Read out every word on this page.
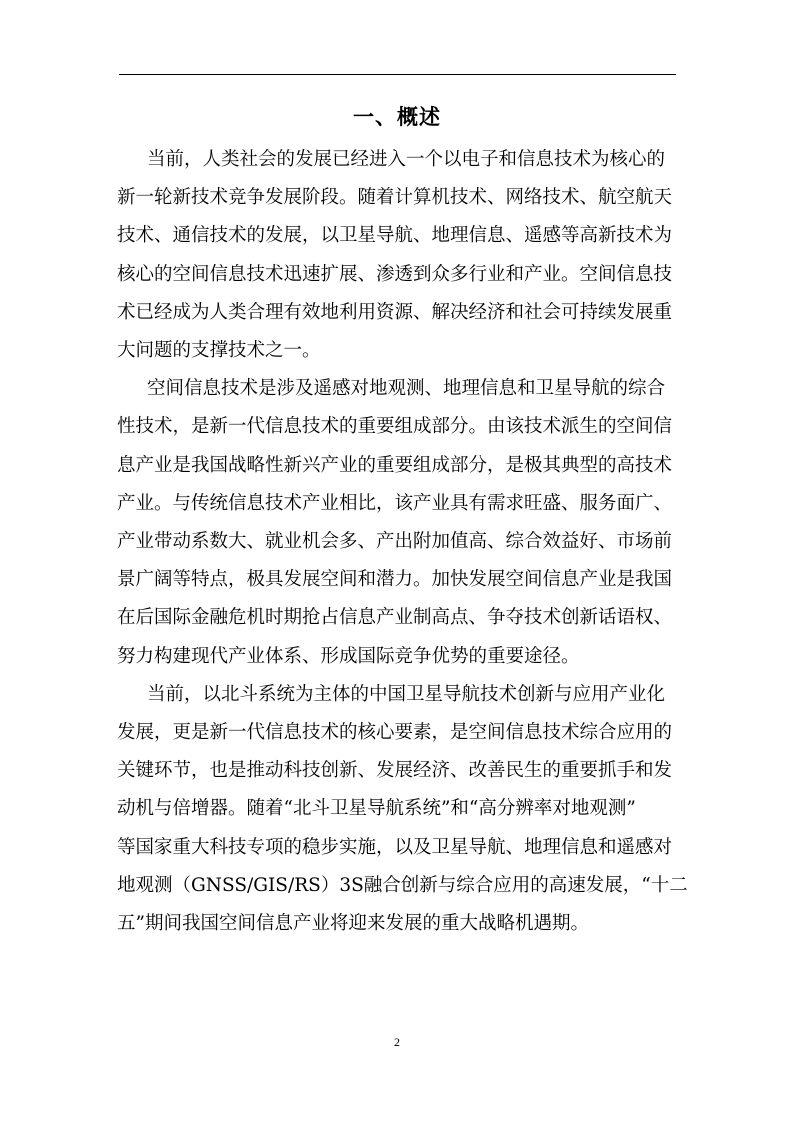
一、概述

当前，人类社会的发展已经进入一个以电子和信息技术为核心的

新一轮新技术竞争发展阶段。随着计算机技术、网络技术、航空航天

技术、通信技术的发展，以卫星导航、地理信息、遥感等高新技术为

核心的空间信息技术迅速扩展、渗透到众多行业和产业。空间信息技

术已经成为人类合理有效地利用资源、解决经济和社会可持续发展重

大问题的支撑技术之一。

空间信息技术是涉及遥感对地观测、地理信息和卫星导航的综合

性技术，是新一代信息技术的重要组成部分。由该技术派生的空间信

息产业是我国战略性新兴产业的重要组成部分，是极其典型的高技术

产业。与传统信息技术产业相比，该产业具有需求旺盛、服务面广、

产业带动系数大、就业机会多、产出附加值高、综合效益好、市场前

景广阔等特点，极具发展空间和潜力。加快发展空间信息产业是我国

在后国际金融危机时期抢占信息产业制高点、争夺技术创新话语权、

努力构建现代产业体系、形成国际竞争优势的重要途径。

当前，以北斗系统为主体的中国卫星导航技术创新与应用产业化

发展，更是新一代信息技术的核心要素，是空间信息技术综合应用的

关键环节，也是推动科技创新、发展经济、改善民生的重要抓手和发

动机与倍增器。随着“北斗卫星导航系统”和“高分辨率对地观测”

等国家重大科技专项的稳步实施，以及卫星导航、地理信息和遥感对

地观测（GNSS/GIS/RS）3S融合创新与综合应用的高速发展，“十二

五”期间我国空间信息产业将迎来发展的重大战略机遇期。

2
